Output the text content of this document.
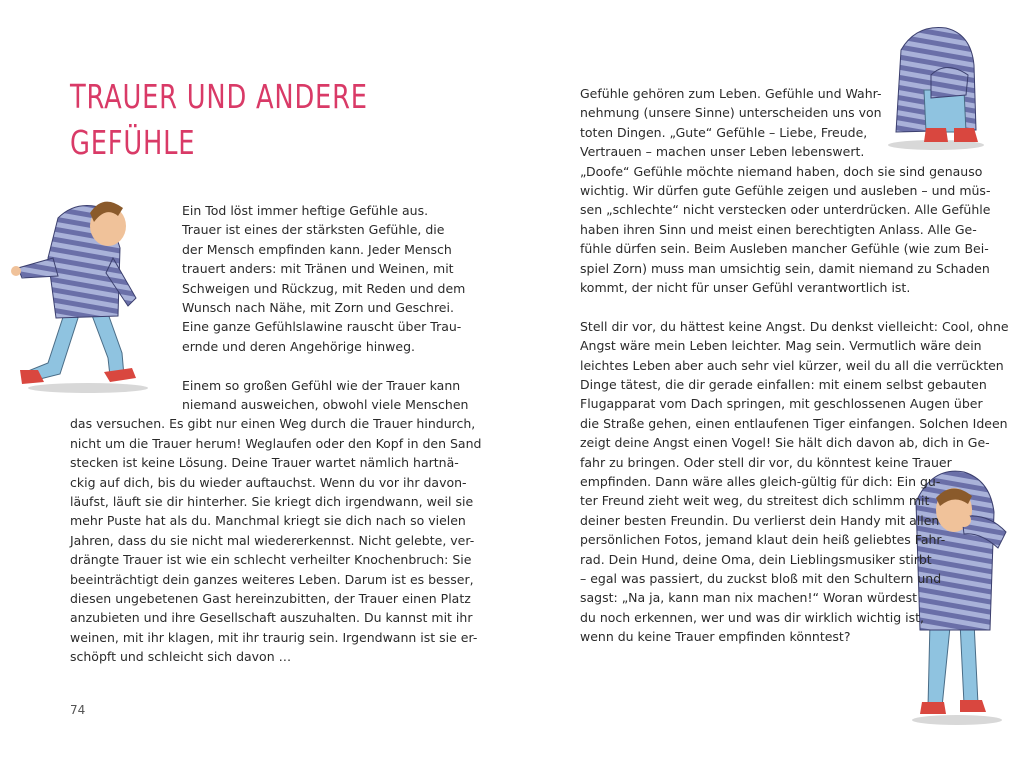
TRAUER UND ANDERE
GEFÜHLE
Ein Tod löst immer heftige Gefühle aus.
Trauer ist eines der stärksten Gefühle, die
der Mensch empfinden kann. Jeder Mensch
trauert anders: mit Tränen und Weinen, mit
Schweigen und Rückzug, mit Reden und dem
Wunsch nach Nähe, mit Zorn und Geschrei.
Eine ganze Gefühlslawine rauscht über Trau-
ernde und deren Angehörige hinweg.
Einem so großen Gefühl wie der Trauer kann
niemand ausweichen, obwohl viele Menschen
das versuchen. Es gibt nur einen Weg durch die Trauer hindurch,
nicht um die Trauer herum! Weglaufen oder den Kopf in den Sand
stecken ist keine Lösung. Deine Trauer wartet nämlich hartnä-
ckig auf dich, bis du wieder auftauchst. Wenn du vor ihr davon-
läufst, läuft sie dir hinterher. Sie kriegt dich irgendwann, weil sie
mehr Puste hat als du. Manchmal kriegt sie dich nach so vielen
Jahren, dass du sie nicht mal wiedererkennst. Nicht gelebte, ver-
drängte Trauer ist wie ein schlecht verheilter Knochenbruch: Sie
beeinträchtigt dein ganzes weiteres Leben. Darum ist es besser,
diesen ungebetenen Gast hereinzubitten, der Trauer einen Platz
anzubieten und ihre Gesellschaft auszuhalten. Du kannst mit ihr
weinen, mit ihr klagen, mit ihr traurig sein. Irgendwann ist sie er-
schöpft und schleicht sich davon …
Gefühle gehören zum Leben. Gefühle und Wahr-
nehmung (unsere Sinne) unterscheiden uns von
toten Dingen. „Gute“ Gefühle – Liebe, Freude,
Vertrauen – machen unser Leben lebenswert.
„Doofe“ Gefühle möchte niemand haben, doch sie sind genauso
wichtig. Wir dürfen gute Gefühle zeigen und ausleben – und müs-
sen „schlechte“ nicht verstecken oder unterdrücken. Alle Gefühle
haben ihren Sinn und meist einen berechtigten Anlass. Alle Ge-
fühle dürfen sein. Beim Ausleben mancher Gefühle (wie zum Bei-
spiel Zorn) muss man umsichtig sein, damit niemand zu Schaden
kommt, der nicht für unser Gefühl verantwortlich ist.
Stell dir vor, du hättest keine Angst. Du denkst vielleicht: Cool, ohne
Angst wäre mein Leben leichter. Mag sein. Vermutlich wäre dein
leichtes Leben aber auch sehr viel kürzer, weil du all die verrückten
Dinge tätest, die dir gerade einfallen: mit einem selbst gebauten
Flugapparat vom Dach springen, mit geschlossenen Augen über
die Straße gehen, einen entlaufenen Tiger einfangen. Solchen Ideen
zeigt deine Angst einen Vogel! Sie hält dich davon ab, dich in Ge-
fahr zu bringen. Oder stell dir vor, du könntest keine Trauer
empfinden. Dann wäre alles gleich-gültig für dich: Ein gu-
ter Freund zieht weit weg, du streitest dich schlimm mit
deiner besten Freundin. Du verlierst dein Handy mit allen
persönlichen Fotos, jemand klaut dein heiß geliebtes Fahr-
rad. Dein Hund, deine Oma, dein Lieblingsmusiker stirbt
– egal was passiert, du zuckst bloß mit den Schultern und
sagst: „Na ja, kann man nix machen!“ Woran würdest
du noch erkennen, wer und was dir wirklich wichtig ist,
wenn du keine Trauer empfinden könntest?
74
